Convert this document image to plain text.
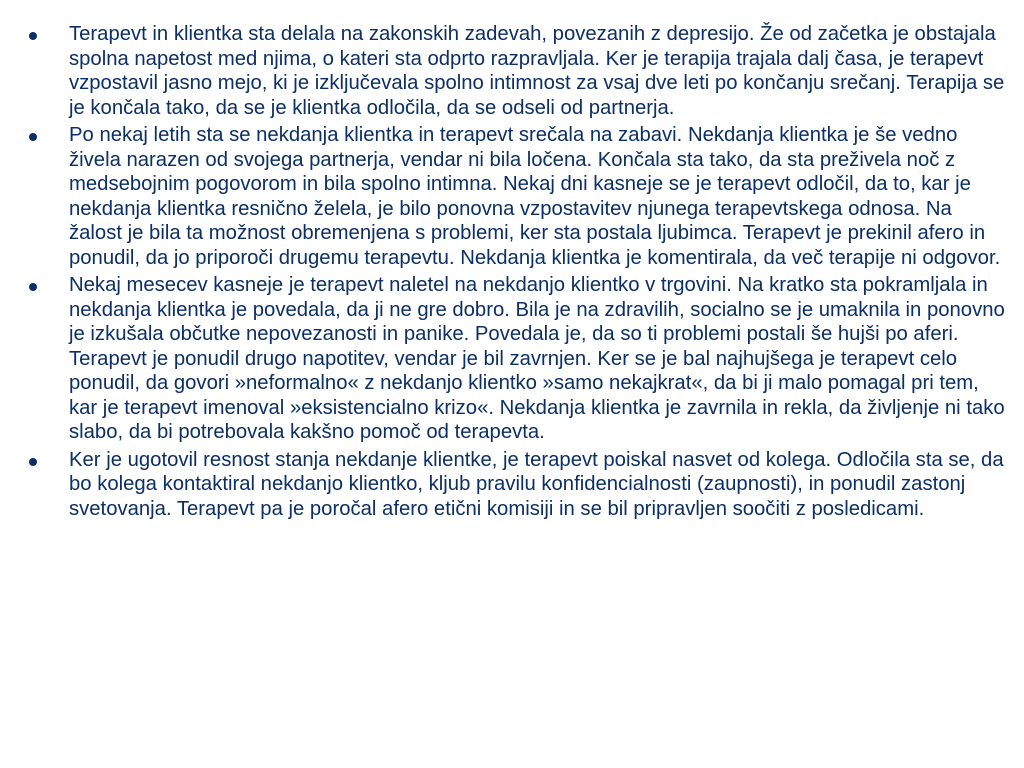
Terapevt in klientka sta delala na zakonskih zadevah, povezanih z depresijo. Že od začetka je obstajala spolna napetost med njima, o kateri sta odprto razpravljala. Ker je terapija trajala dalj časa, je terapevt vzpostavil jasno mejo, ki je izključevala spolno intimnost za vsaj dve leti po končanju srečanj. Terapija se je končala tako, da se je klientka odločila, da se odseli od partnerja.
Po nekaj letih sta se nekdanja klientka in terapevt srečala na zabavi. Nekdanja klientka je še vedno živela narazen od svojega partnerja, vendar ni bila ločena. Končala sta tako, da sta preživela noč z medsebojnim pogovorom in bila spolno intimna. Nekaj dni kasneje se je terapevt odločil, da to, kar je nekdanja klientka resnično želela, je bilo ponovna vzpostavitev njunega terapevtskega odnosa. Na žalost je bila ta možnost obremenjena s problemi, ker sta postala ljubimca. Terapevt je prekinil afero in ponudil, da jo priporoči drugemu terapevtu. Nekdanja klientka je komentirala, da več terapije ni odgovor.
Nekaj mesecev kasneje je terapevt naletel na nekdanjo klientko v trgovini. Na kratko sta pokramljala in nekdanja klientka je povedala, da ji ne gre dobro. Bila je na zdravilih, socialno se je umaknila in ponovno je izkušala občutke nepovezanosti in panike. Povedala je, da so ti problemi postali še hujši po aferi. Terapevt je ponudil drugo napotitev, vendar je bil zavrnjen. Ker se je bal najhujšega je terapevt celo ponudil, da govori »neformalno« z nekdanjo klientko »samo nekajkrat«, da bi ji malo pomagal pri tem, kar je terapevt imenoval »eksistencialno krizo«. Nekdanja klientka je zavrnila in rekla, da življenje ni tako slabo, da bi potrebovala kakšno pomoč od terapevta.
Ker je ugotovil resnost stanja nekdanje klientke, je terapevt poiskal nasvet od kolega. Odločila sta se, da bo kolega kontaktiral nekdanjo klientko, kljub pravilu konfidencialnosti (zaupnosti), in ponudil zastonj svetovanja. Terapevt pa je poročal afero etični komisiji in se bil pripravljen soočiti z posledicami.
